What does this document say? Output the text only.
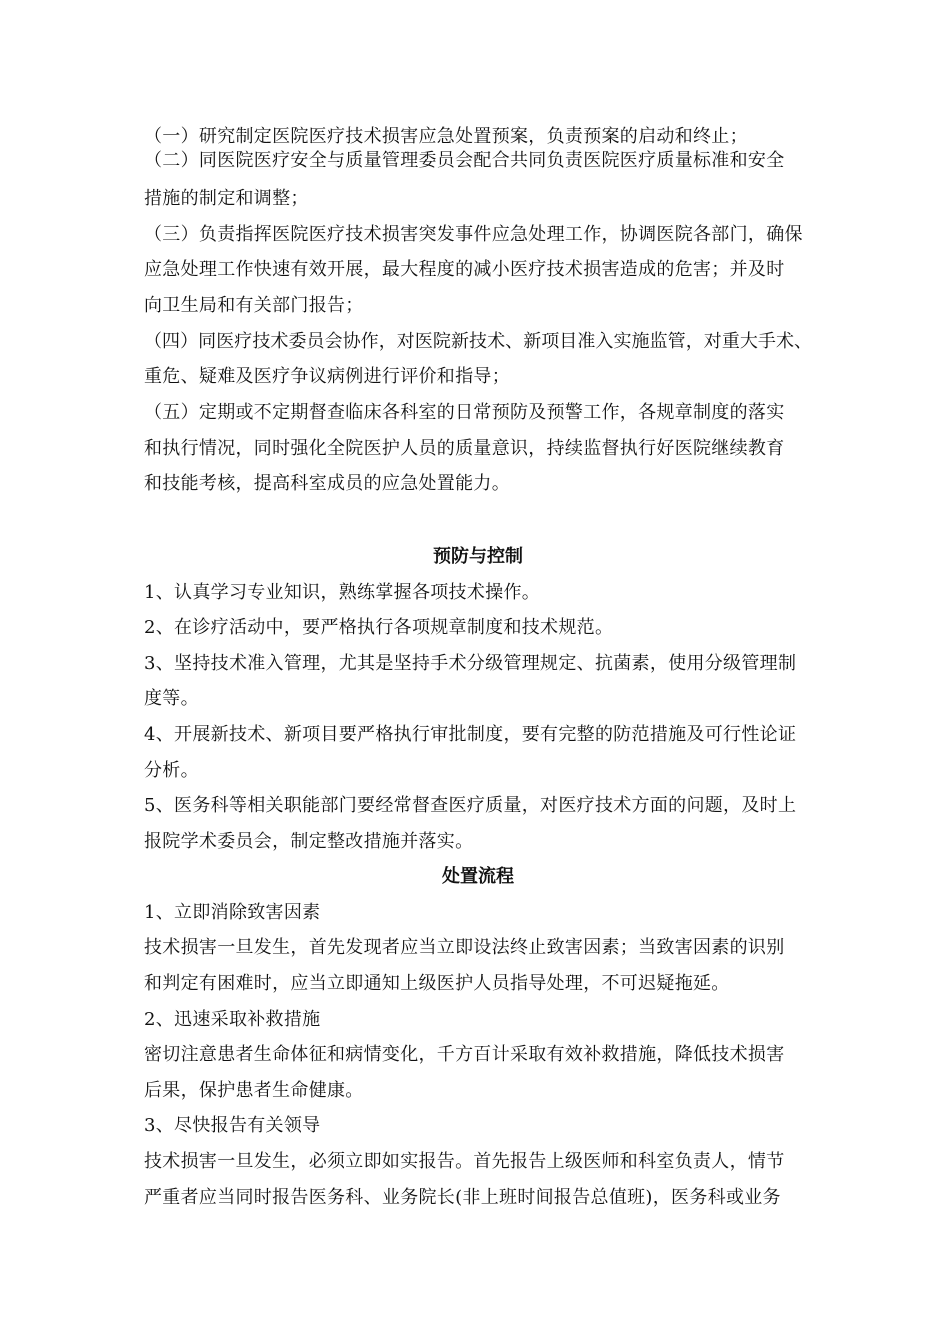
（一）研究制定医院医疗技术损害应急处置预案，负责预案的启动和终止；
（二）同医院医疗安全与质量管理委员会配合共同负责医院医疗质量标准和安全
措施的制定和调整；
（三）负责指挥医院医疗技术损害突发事件应急处理工作，协调医院各部门，确保
应急处理工作快速有效开展，最大程度的减小医疗技术损害造成的危害；并及时
向卫生局和有关部门报告；
（四）同医疗技术委员会协作，对医院新技术、新项目准入实施监管，对重大手术、
重危、疑难及医疗争议病例进行评价和指导；
（五）定期或不定期督查临床各科室的日常预防及预警工作，各规章制度的落实
和执行情况，同时强化全院医护人员的质量意识，持续监督执行好医院继续教育
和技能考核，提高科室成员的应急处置能力。
预防与控制
1、认真学习专业知识，熟练掌握各项技术操作。
2、在诊疗活动中，要严格执行各项规章制度和技术规范。
3、坚持技术准入管理，尤其是坚持手术分级管理规定、抗菌素，使用分级管理制
度等。
4、开展新技术、新项目要严格执行审批制度，要有完整的防范措施及可行性论证
分析。
5、医务科等相关职能部门要经常督查医疗质量，对医疗技术方面的问题，及时上
报院学术委员会，制定整改措施并落实。
处置流程
1、立即消除致害因素
技术损害一旦发生，首先发现者应当立即设法终止致害因素；当致害因素的识别
和判定有困难时，应当立即通知上级医护人员指导处理，不可迟疑拖延。
2、迅速采取补救措施
密切注意患者生命体征和病情变化，千方百计采取有效补救措施，降低技术损害
后果，保护患者生命健康。
3、尽快报告有关领导
技术损害一旦发生，必须立即如实报告。首先报告上级医师和科室负责人，情节
严重者应当同时报告医务科、业务院长(非上班时间报告总值班)，医务科或业务
